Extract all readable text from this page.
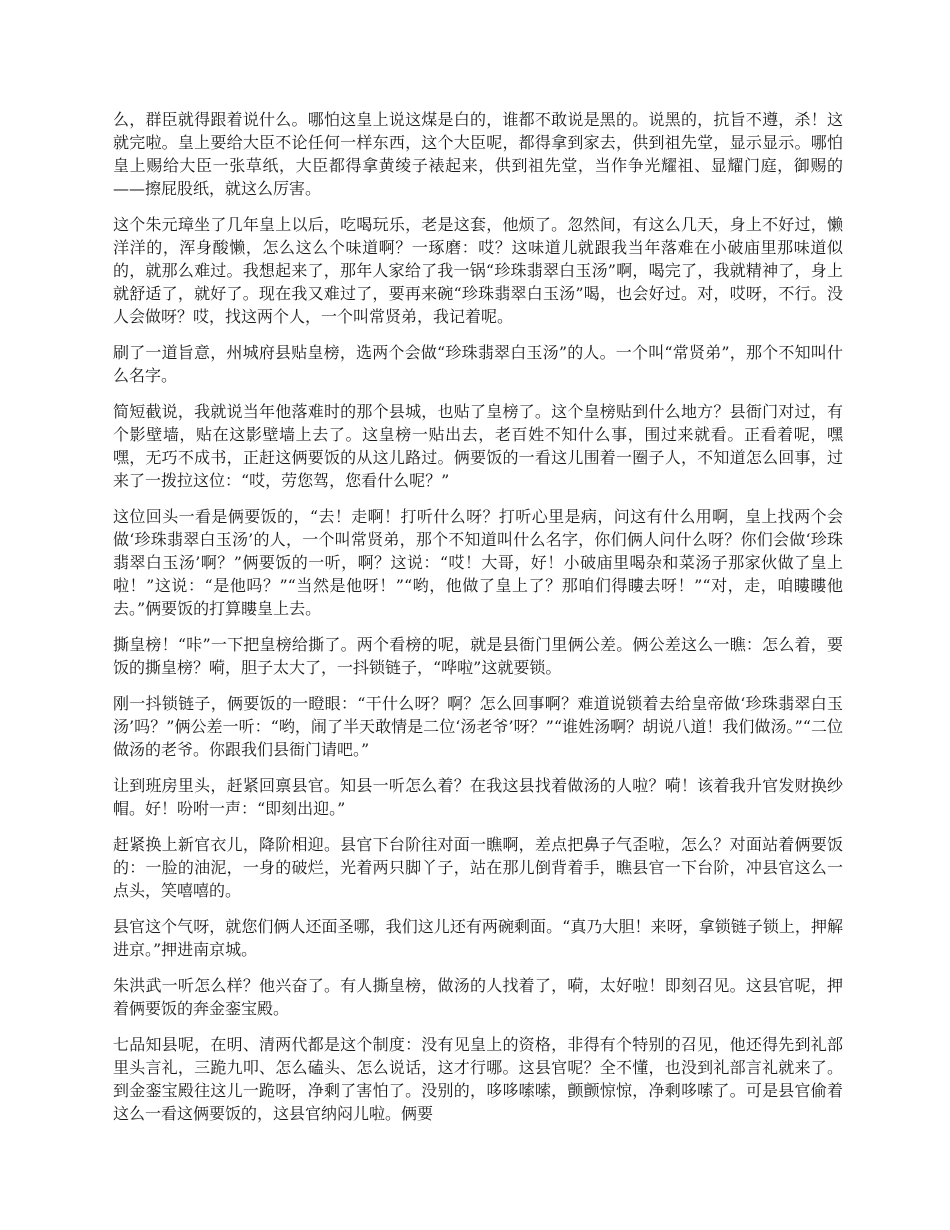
么，群臣就得跟着说什么。哪怕这皇上说这煤是白的，谁都不敢说是黑的。说黑的，抗旨不遵，杀！这就完啦。皇上要给大臣不论任何一样东西，这个大臣呢，都得拿到家去，供到祖先堂，显示显示。哪怕皇上赐给大臣一张草纸，大臣都得拿黄绫子裱起来，供到祖先堂，当作争光耀祖、显耀门庭，御赐的——擦屁股纸，就这么厉害。

这个朱元璋坐了几年皇上以后，吃喝玩乐，老是这套，他烦了。忽然间，有这么几天，身上不好过，懒洋洋的，浑身酸懒，怎么这么个味道啊？一琢磨：哎？这味道儿就跟我当年落难在小破庙里那味道似的，就那么难过。我想起来了，那年人家给了我一锅“珍珠翡翠白玉汤”啊，喝完了，我就精神了，身上就舒适了，就好了。现在我又难过了，要再来碗“珍珠翡翠白玉汤”喝，也会好过。对，哎呀，不行。没人会做呀？哎，找这两个人，一个叫常贤弟，我记着呢。

刷了一道旨意，州城府县贴皇榜，选两个会做“珍珠翡翠白玉汤”的人。一个叫“常贤弟”，那个不知叫什么名字。

简短截说，我就说当年他落难时的那个县城，也贴了皇榜了。这个皇榜贴到什么地方？县衙门对过，有个影壁墙，贴在这影壁墙上去了。这皇榜一贴出去，老百姓不知什么事，围过来就看。正看着呢，嘿嘿，无巧不成书，正赶这俩要饭的从这儿路过。俩要饭的一看这儿围着一圈子人，不知道怎么回事，过来了一拨拉这位：“哎，劳您驾，您看什么呢？”

这位回头一看是俩要饭的，“去！走啊！打听什么呀？打听心里是病，问这有什么用啊，皇上找两个会做‘珍珠翡翠白玉汤’的人，一个叫常贤弟，那个不知道叫什么名字，你们俩人问什么呀？你们会做‘珍珠翡翠白玉汤’啊？”俩要饭的一听，啊？这说：“哎！大哥，好！小破庙里喝杂和菜汤子那家伙做了皇上啦！”这说：“是他吗？”“当然是他呀！”“哟，他做了皇上了？那咱们得瞜去呀！”“对，走，咱瞜瞜他去。”俩要饭的打算瞜皇上去。

撕皇榜！“咔”一下把皇榜给撕了。两个看榜的呢，就是县衙门里俩公差。俩公差这么一瞧：怎么着，要饭的撕皇榜？嗬，胆子太大了，一抖锁链子，“哗啦”这就要锁。

刚一抖锁链子，俩要饭的一瞪眼：“干什么呀？啊？怎么回事啊？难道说锁着去给皇帝做‘珍珠翡翠白玉汤’吗？”俩公差一听：“哟，闹了半天敢情是二位‘汤老爷’呀？”“谁姓汤啊？胡说八道！我们做汤。”“二位做汤的老爷。你跟我们县衙门请吧。”

让到班房里头，赶紧回禀县官。知县一听怎么着？在我这县找着做汤的人啦？嗬！该着我升官发财换纱帽。好！吩咐一声：“即刻出迎。”

赶紧换上新官衣儿，降阶相迎。县官下台阶往对面一瞧啊，差点把鼻子气歪啦，怎么？对面站着俩要饭的：一脸的油泥，一身的破烂，光着两只脚丫子，站在那儿倒背着手，瞧县官一下台阶，冲县官这么一点头，笑嘻嘻的。

县官这个气呀，就您们俩人还面圣哪，我们这儿还有两碗剩面。“真乃大胆！来呀，拿锁链子锁上，押解进京。”押进南京城。

朱洪武一听怎么样？他兴奋了。有人撕皇榜，做汤的人找着了，嗬，太好啦！即刻召见。这县官呢，押着俩要饭的奔金銮宝殿。

七品知县呢，在明、清两代都是这个制度：没有见皇上的资格，非得有个特别的召见，他还得先到礼部里头言礼，三跪九叩、怎么磕头、怎么说话，这才行哪。这县官呢？全不懂，也没到礼部言礼就来了。到金銮宝殿往这儿一跪呀，净剩了害怕了。没别的，哆哆嗦嗦，颤颤惊惊，净剩哆嗦了。可是县官偷着这么一看这俩要饭的，这县官纳闷儿啦。俩要
